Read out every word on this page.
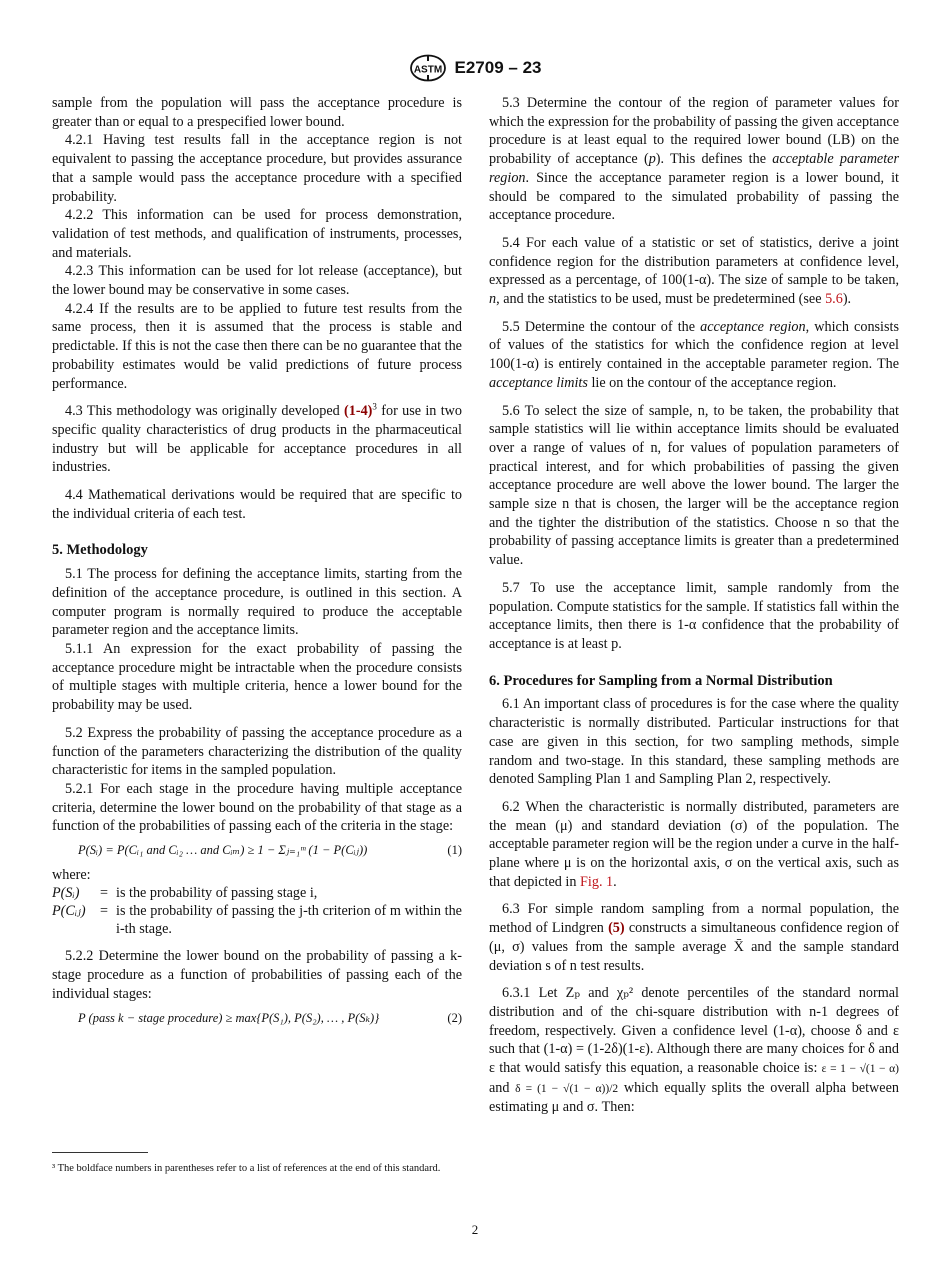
ASTM E2709 – 23

sample from the population will pass the acceptance procedure is greater than or equal to a prespecified lower bound.

4.2.1 Having test results fall in the acceptance region is not equivalent to passing the acceptance procedure, but provides assurance that a sample would pass the acceptance procedure with a specified probability.

4.2.2 This information can be used for process demonstration, validation of test methods, and qualification of instruments, processes, and materials.

4.2.3 This information can be used for lot release (acceptance), but the lower bound may be conservative in some cases.

4.2.4 If the results are to be applied to future test results from the same process, then it is assumed that the process is stable and predictable. If this is not the case then there can be no guarantee that the probability estimates would be valid predictions of future process performance.

4.3 This methodology was originally developed $(1-4)^3$ for use in two specific quality characteristics of drug products in the pharmaceutical industry but will be applicable for acceptance procedures in all industries.

4.4 Mathematical derivations would be required that are specific to the individual criteria of each test.

5. Methodology

5.1 The process for defining the acceptance limits, starting from the definition of the acceptance procedure, is outlined in this section. A computer program is normally required to produce the acceptable parameter region and the acceptance limits.

5.1.1 An expression for the exact probability of passing the acceptance procedure might be intractable when the procedure consists of multiple stages with multiple criteria, hence a lower bound for the probability may be used.

5.2 Express the probability of passing the acceptance procedure as a function of the parameters characterizing the distribution of the quality characteristic for items in the sampled population.

5.2.1 For each stage in the procedure having multiple acceptance criteria, determine the lower bound on the probability of that stage as a function of the probabilities of passing each of the criteria in the stage:

P(Sᵢ) = P(Cᵢ₁ and Cᵢ₂ … and Cᵢₘ) ≥ 1 − Σⱼ₌₁ᵐ (1 − P(Cᵢⱼ))	(1)
where:
P(Sᵢ)	= is the probability of passing stage i,
P(Cᵢⱼ)	= is the probability of passing the j-th criterion of m within the i-th stage.

5.2.2 Determine the lower bound on the probability of passing a k-stage procedure as a function of probabilities of passing each of the individual stages:

P (pass k − stage procedure) ≥ max{P(S₁), P(S₂), … , P(Sₖ)}	(2)
³ The boldface numbers in parentheses refer to a list of references at the end of this standard.

5.3 Determine the contour of the region of parameter values for which the expression for the probability of passing the given acceptance procedure is at least equal to the required lower bound (LB) on the probability of acceptance (p). This defines the acceptable parameter region. Since the acceptance parameter region is a lower bound, it should be compared to the simulated probability of passing the acceptance procedure.

5.4 For each value of a statistic or set of statistics, derive a joint confidence region for the distribution parameters at confidence level, expressed as a percentage, of 100(1-α). The size of sample to be taken, n, and the statistics to be used, must be predetermined (see 5.6).

5.5 Determine the contour of the acceptance region, which consists of values of the statistics for which the confidence region at level 100(1-α) is entirely contained in the acceptable parameter region. The acceptance limits lie on the contour of the acceptance region.

5.6 To select the size of sample, n, to be taken, the probability that sample statistics will lie within acceptance limits should be evaluated over a range of values of n, for values of population parameters of practical interest, and for which probabilities of passing the given acceptance procedure are well above the lower bound. The larger the sample size n that is chosen, the larger will be the acceptance region and the tighter the distribution of the statistics. Choose n so that the probability of passing acceptance limits is greater than a predetermined value.

5.7 To use the acceptance limit, sample randomly from the population. Compute statistics for the sample. If statistics fall within the acceptance limits, then there is 1-α confidence that the probability of acceptance is at least p.

6. Procedures for Sampling from a Normal Distribution

6.1 An important class of procedures is for the case where the quality characteristic is normally distributed. Particular instructions for that case are given in this section, for two sampling methods, simple random and two-stage. In this standard, these sampling methods are denoted Sampling Plan 1 and Sampling Plan 2, respectively.

6.2 When the characteristic is normally distributed, parameters are the mean (μ) and standard deviation (σ) of the population. The acceptable parameter region will be the region under a curve in the half-plane where μ is on the horizontal axis, σ on the vertical axis, such as that depicted in Fig. 1.

6.3 For simple random sampling from a normal population, the method of Lindgren (5) constructs a simultaneous confidence region of (μ, σ) values from the sample average X̄ and the sample standard deviation s of n test results.

6.3.1 Let Zₚ and χₚ² denote percentiles of the standard normal distribution and of the chi-square distribution with n-1 degrees of freedom, respectively. Given a confidence level (1-α), choose δ and ε such that (1-α) = (1-2δ)(1-ε). Although there are many choices for δ and ε that would satisfy this equation, a reasonable choice is: ε = 1 − √(1 − α) and δ = (1 − √(1 − α))/2 which equally splits the overall alpha between estimating μ and σ. Then:

2
